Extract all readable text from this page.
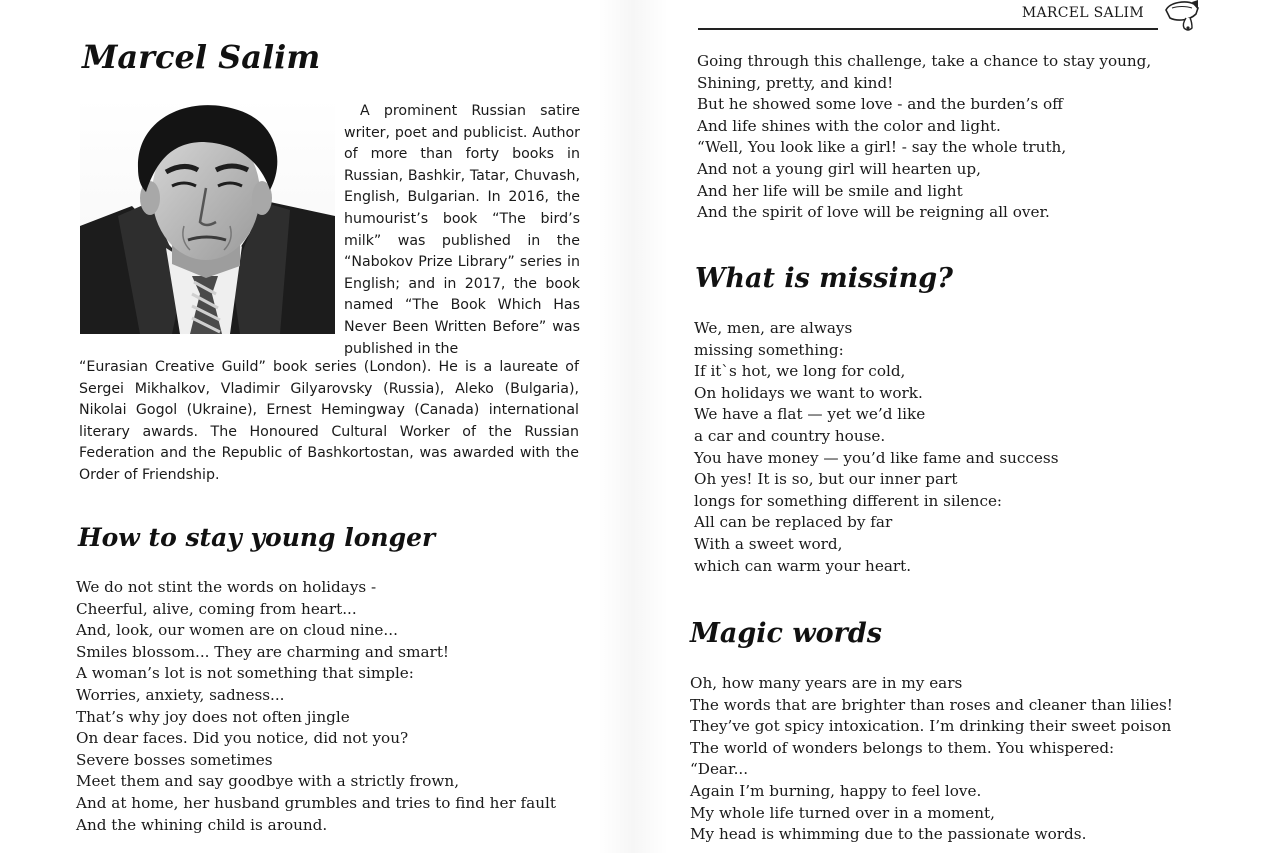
Marcel Salim

A prominent Russian satire writer, poet and publicist. Author of more than forty books in Russian, Bashkir, Tatar, Chuvash, English, Bulgarian. In 2016, the humourist’s book “The bird’s milk” was published in the “Nabokov Prize Library” series in English; and in 2017, the book named “The Book Which Has Never Been Written Before” was published in the

“Eurasian Creative Guild” book series (London). He is a laureate of Sergei Mikhalkov, Vladimir Gilyarovsky (Russia), Aleko (Bulgaria), Nikolai Gogol (Ukraine), Ernest Hemingway (Canada) international literary awards. The Honoured Cultural Worker of the Russian Federation and the Republic of Bashkortostan, was awarded with the Order of Friendship.

How to stay young longer
We do not stint the words on holidays -
Cheerful, alive, coming from heart...
And, look, our women are on cloud nine...
Smiles blossom... They are charming and smart!
A woman’s lot is not something that simple:
Worries, anxiety, sadness...
That’s why joy does not often jingle
On dear faces. Did you notice, did not you?
Severe bosses sometimes
Meet them and say goodbye with a strictly frown,
And at home, her husband grumbles and tries to find her fault
And the whining child is around.
MARCEL SALIM
Going through this challenge, take a chance to stay young,
Shining, pretty, and kind!
But he showed some love - and the burden’s off
And life shines with the color and light.
“Well, You look like a girl! - say the whole truth,
And not a young girl will hearten up,
And her life will be smile and light
And the spirit of love will be reigning all over.
What is missing?
We, men, are always
missing something:
If it`s hot, we long for cold,
On holidays we want to work.
We have a flat — yet we’d like
a car and country house.
You have money — you’d like fame and success
Oh yes! It is so, but our inner part
longs for something different in silence:
All can be replaced by far
With a sweet word,
which can warm your heart.
Magic words
Oh, how many years are in my ears
The words that are brighter than roses and cleaner than lilies!
They’ve got spicy intoxication. I’m drinking their sweet poison
The world of wonders belongs to them. You whispered:
“Dear...
Again I’m burning, happy to feel love.
My whole life turned over in a moment,
My head is whimming due to the passionate words.
